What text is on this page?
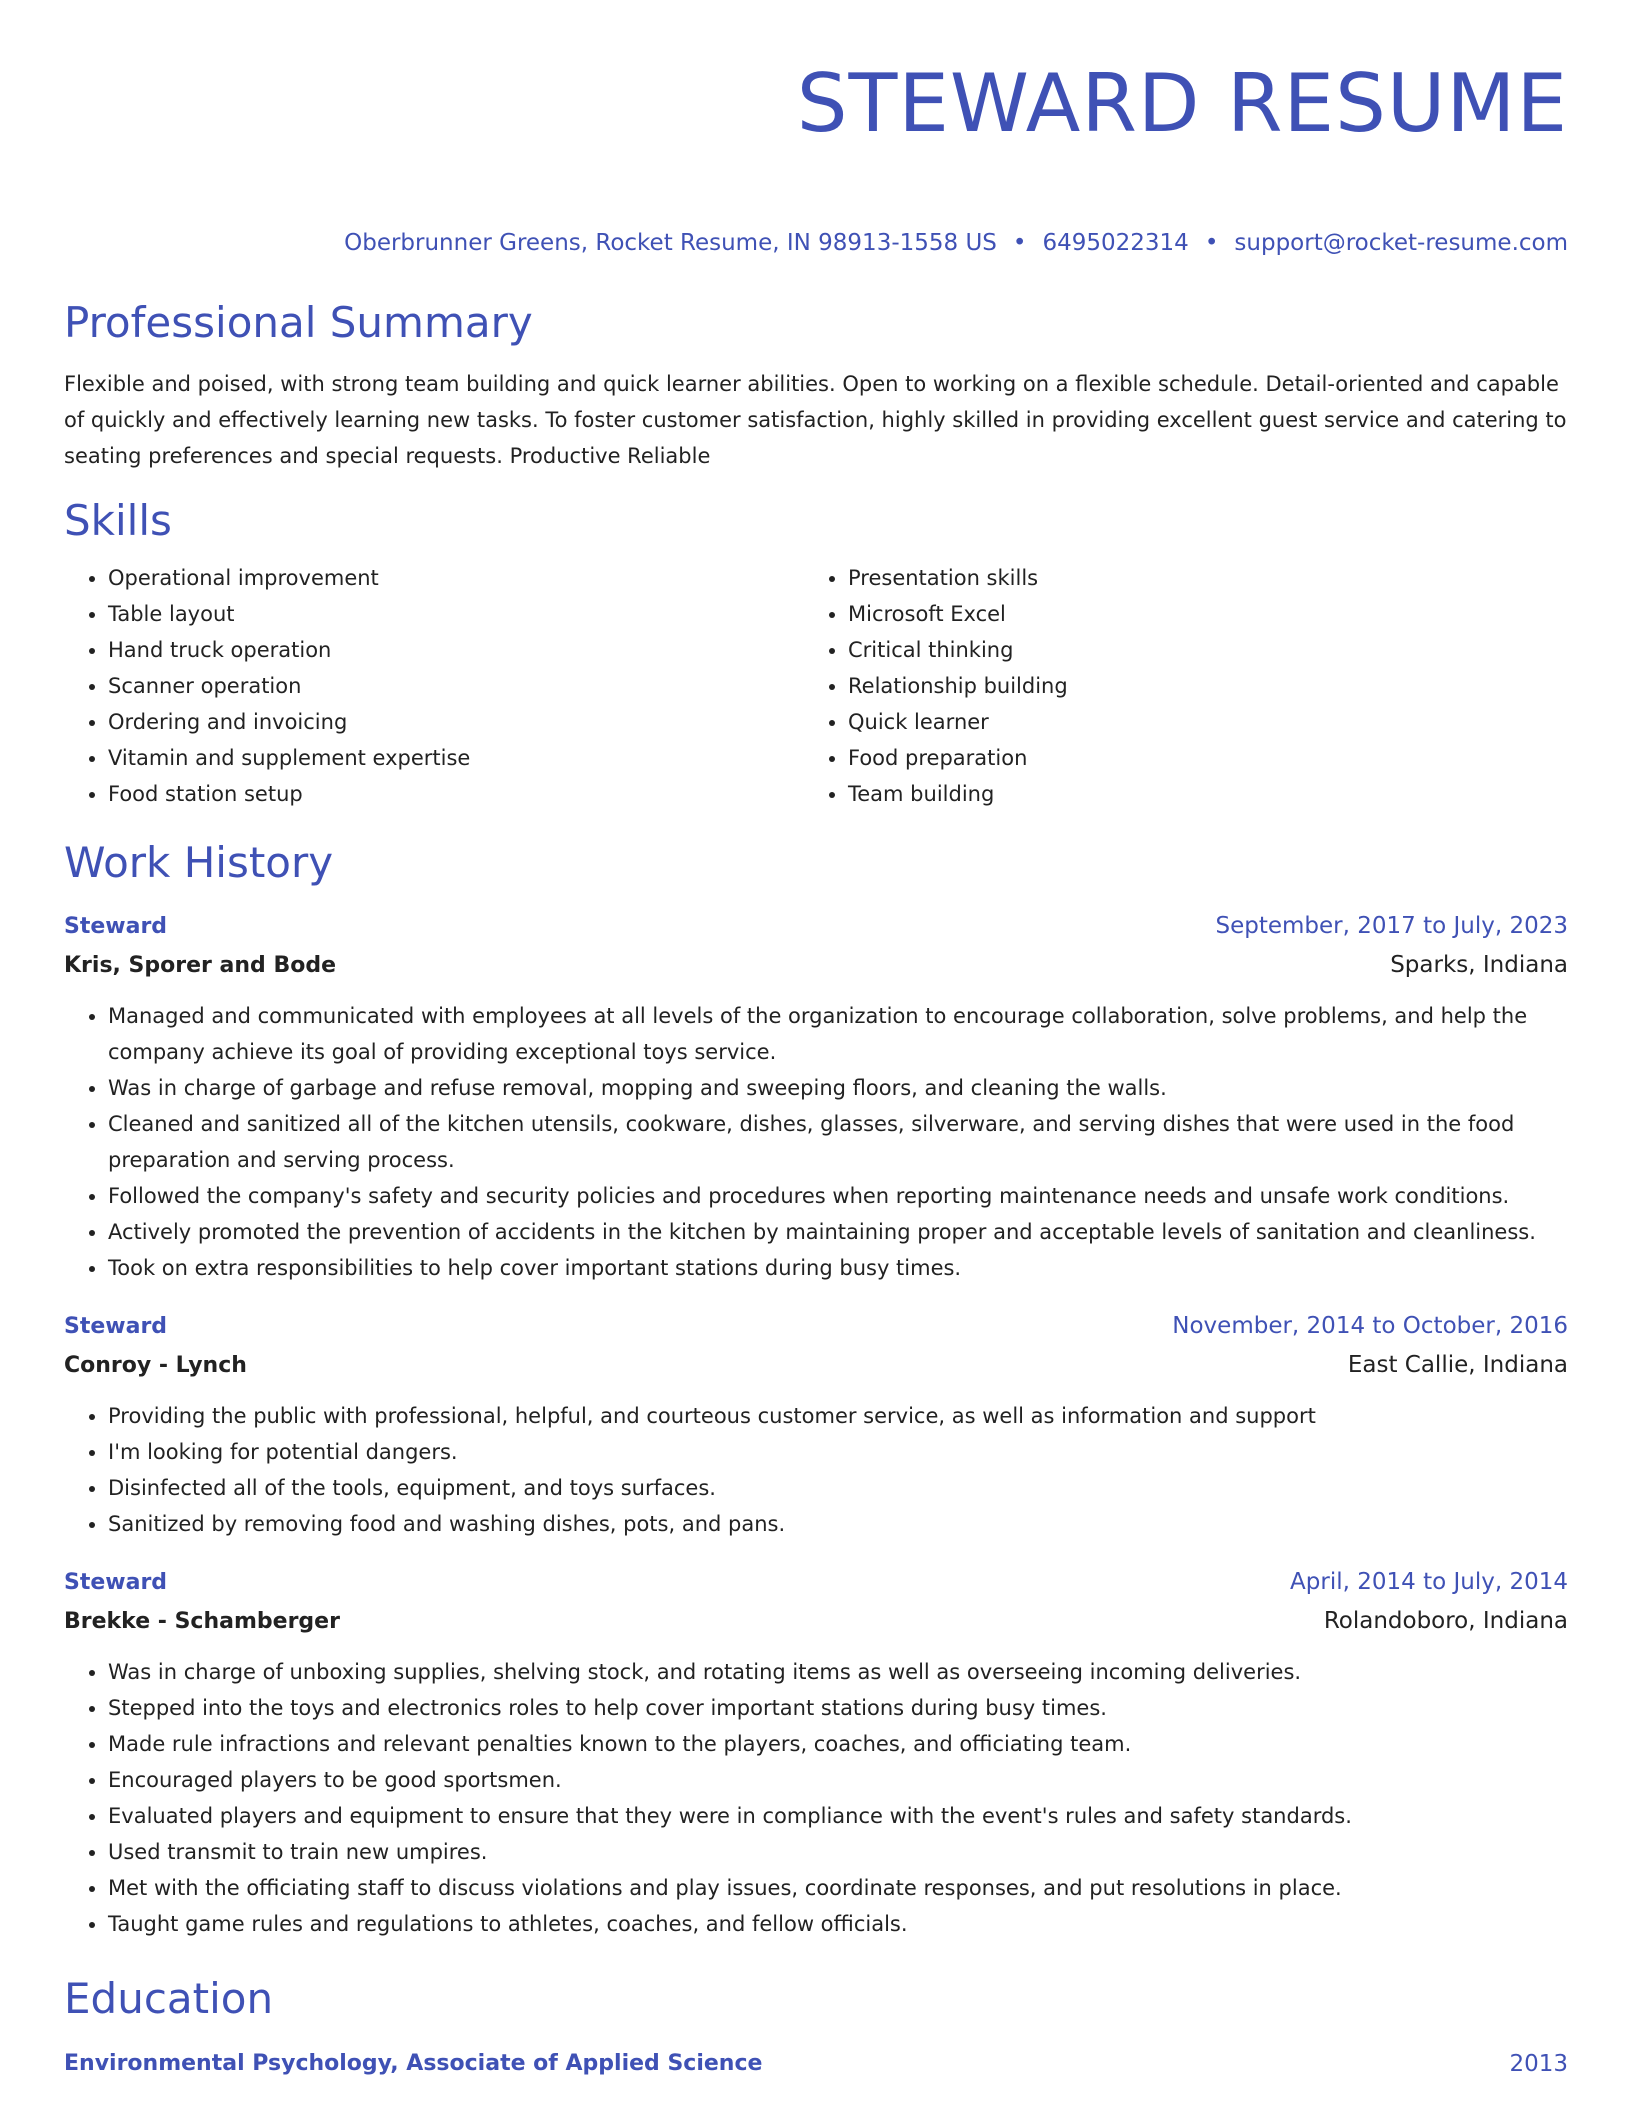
STEWARD RESUME
Oberbrunner Greens, Rocket Resume, IN 98913-1558 US • 6495022314 • support@rocket-resume.com
Professional Summary

Flexible and poised, with strong team building and quick learner abilities. Open to working on a flexible schedule. Detail-oriented and capable of quickly and effectively learning new tasks. To foster customer satisfaction, highly skilled in providing excellent guest service and catering to seating preferences and special requests. Productive Reliable

Skills
• Operational improvement
• Table layout
• Hand truck operation
• Scanner operation
• Ordering and invoicing
• Vitamin and supplement expertise
• Food station setup
• Presentation skills
• Microsoft Excel
• Critical thinking
• Relationship building
• Quick learner
• Food preparation
• Team building
Work History
Steward	September, 2017 to July, 2023
Kris, Sporer and Bode	Sparks, Indiana
• Managed and communicated with employees at all levels of the organization to encourage collaboration, solve problems, and help the company achieve its goal of providing exceptional toys service.
• Was in charge of garbage and refuse removal, mopping and sweeping floors, and cleaning the walls.
• Cleaned and sanitized all of the kitchen utensils, cookware, dishes, glasses, silverware, and serving dishes that were used in the food preparation and serving process.
• Followed the company's safety and security policies and procedures when reporting maintenance needs and unsafe work conditions.
• Actively promoted the prevention of accidents in the kitchen by maintaining proper and acceptable levels of sanitation and cleanliness.
• Took on extra responsibilities to help cover important stations during busy times.
Steward	November, 2014 to October, 2016
Conroy - Lynch	East Callie, Indiana
• Providing the public with professional, helpful, and courteous customer service, as well as information and support
• I'm looking for potential dangers.
• Disinfected all of the tools, equipment, and toys surfaces.
• Sanitized by removing food and washing dishes, pots, and pans.
Steward	April, 2014 to July, 2014
Brekke - Schamberger	Rolandoboro, Indiana
• Was in charge of unboxing supplies, shelving stock, and rotating items as well as overseeing incoming deliveries.
• Stepped into the toys and electronics roles to help cover important stations during busy times.
• Made rule infractions and relevant penalties known to the players, coaches, and officiating team.
• Encouraged players to be good sportsmen.
• Evaluated players and equipment to ensure that they were in compliance with the event's rules and safety standards.
• Used transmit to train new umpires.
• Met with the officiating staff to discuss violations and play issues, coordinate responses, and put resolutions in place.
• Taught game rules and regulations to athletes, coaches, and fellow officials.
Education
Environmental Psychology, Associate of Applied Science	2013
